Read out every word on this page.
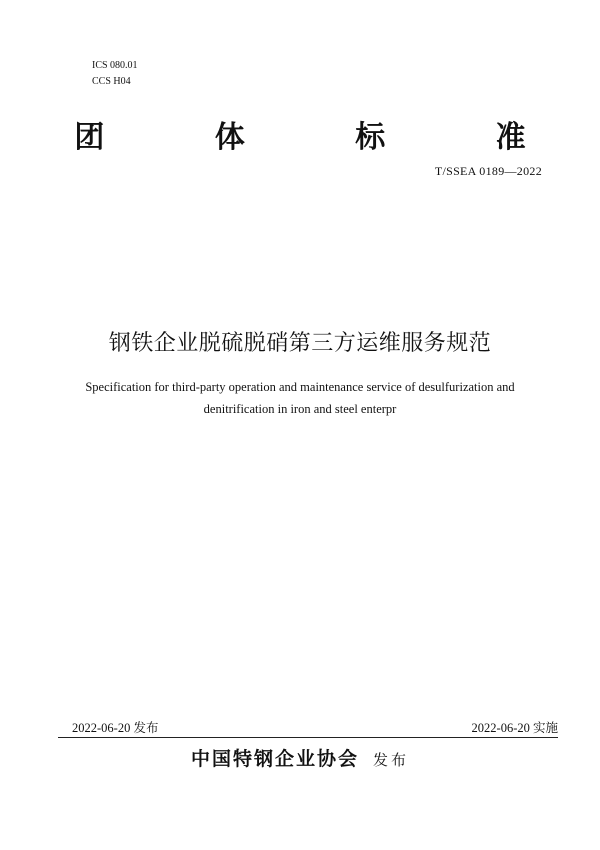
ICS 080.01
CCS H04
团 体 标 准
T/SSEA 0189—2022
钢铁企业脱硫脱硝第三方运维服务规范
Specification for third-party operation and maintenance service of desulfurization and
denitrification in iron and steel enterpr
2022-06-20 发布	2022-06-20 实施
中国特钢企业协会 发布
